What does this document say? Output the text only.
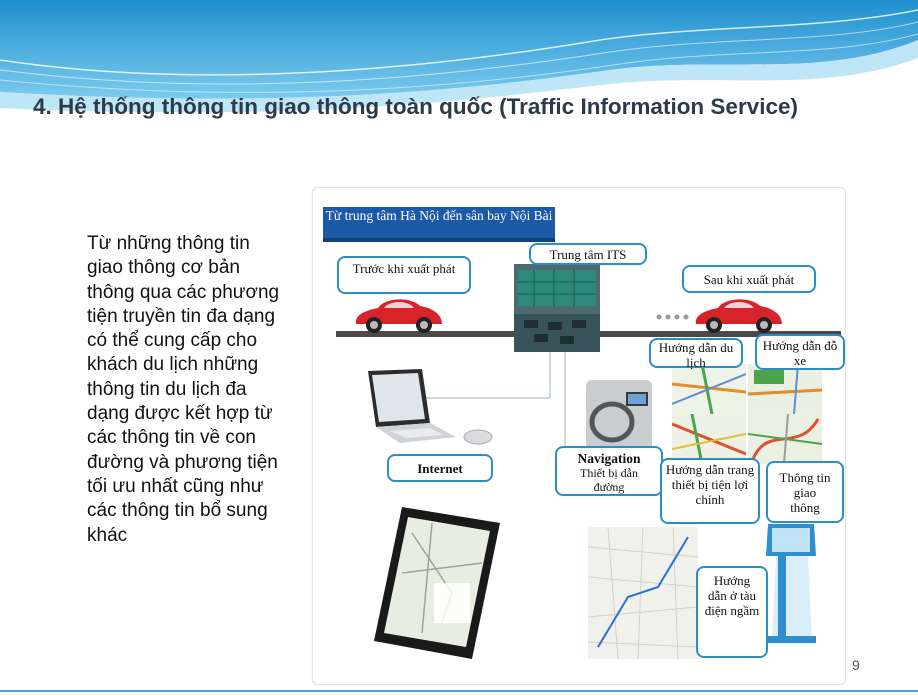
4. Hệ thống thông tin giao thông toàn quốc (Traffic Information Service)
Từ những thông tin giao thông cơ bản thông qua các phương tiện truyền tin đa dạng có thể cung cấp cho khách du lịch những thông tin du lịch đa dạng được kết hợp từ các thông tin về con đường và phương tiện tối ưu nhất cũng như các thông tin bổ sung khác
Từ trung tâm Hà Nội đến sân bay Nội Bài
Trước khi xuất phát
Trung tâm ITS
Sau khi xuất phát
Hướng dẫn du lịch
Hướng dẫn đỗ xe
Internet
Navigation
Thiết bị dẫn đường
Hướng dẫn trang thiết bị tiện lợi chính
Thông tin giao thông
Hướng dẫn ở tàu điện ngầm
9
